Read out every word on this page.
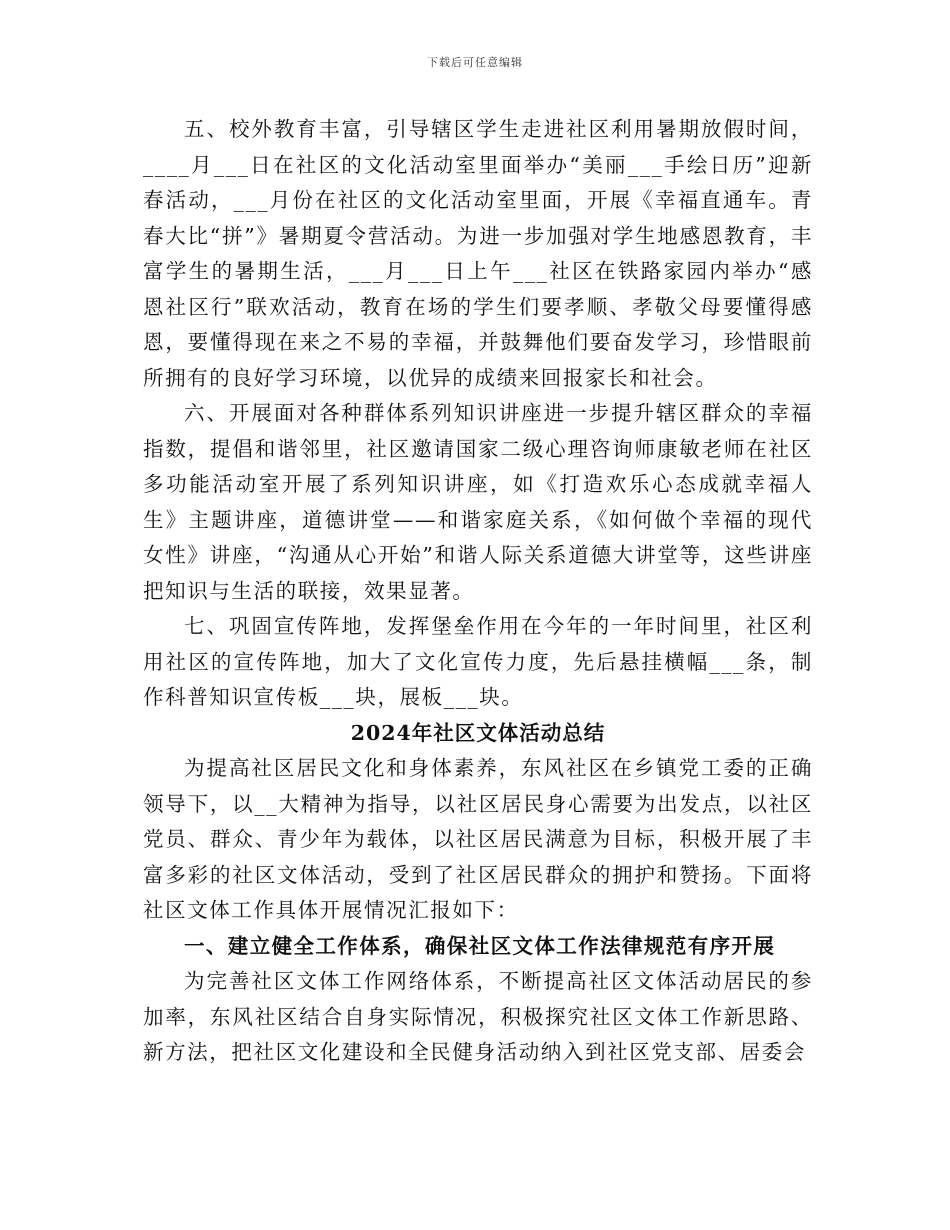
下载后可任意编辑

五、校外教育丰富，引导辖区学生走进社区利用暑期放假时间，____月___日在社区的文化活动室里面举办“美丽___手绘日历”迎新春活动，___月份在社区的文化活动室里面，开展《幸福直通车。青春大比“拼”》暑期夏令营活动。为进一步加强对学生地感恩教育，丰富学生的暑期生活，___月___日上午___社区在铁路家园内举办“感恩社区行”联欢活动，教育在场的学生们要孝顺、孝敬父母要懂得感恩，要懂得现在来之不易的幸福，并鼓舞他们要奋发学习，珍惜眼前所拥有的良好学习环境，以优异的成绩来回报家长和社会。

六、开展面对各种群体系列知识讲座进一步提升辖区群众的幸福指数，提倡和谐邻里，社区邀请国家二级心理咨询师康敏老师在社区多功能活动室开展了系列知识讲座，如《打造欢乐心态成就幸福人生》主题讲座，道德讲堂——和谐家庭关系，《如何做个幸福的现代女性》讲座，“沟通从心开始”和谐人际关系道德大讲堂等，这些讲座把知识与生活的联接，效果显著。

七、巩固宣传阵地，发挥堡垒作用在今年的一年时间里，社区利用社区的宣传阵地，加大了文化宣传力度，先后悬挂横幅___条，制作科普知识宣传板___块，展板___块。

2024年社区文体活动总结

为提高社区居民文化和身体素养，东风社区在乡镇党工委的正确领导下，以__大精神为指导，以社区居民身心需要为出发点，以社区党员、群众、青少年为载体，以社区居民满意为目标，积极开展了丰富多彩的社区文体活动，受到了社区居民群众的拥护和赞扬。下面将社区文体工作具体开展情况汇报如下：

一、建立健全工作体系，确保社区文体工作法律规范有序开展

为完善社区文体工作网络体系，不断提高社区文体活动居民的参加率，东风社区结合自身实际情况，积极探究社区文体工作新思路、新方法，把社区文化建设和全民健身活动纳入到社区党支部、居委会
